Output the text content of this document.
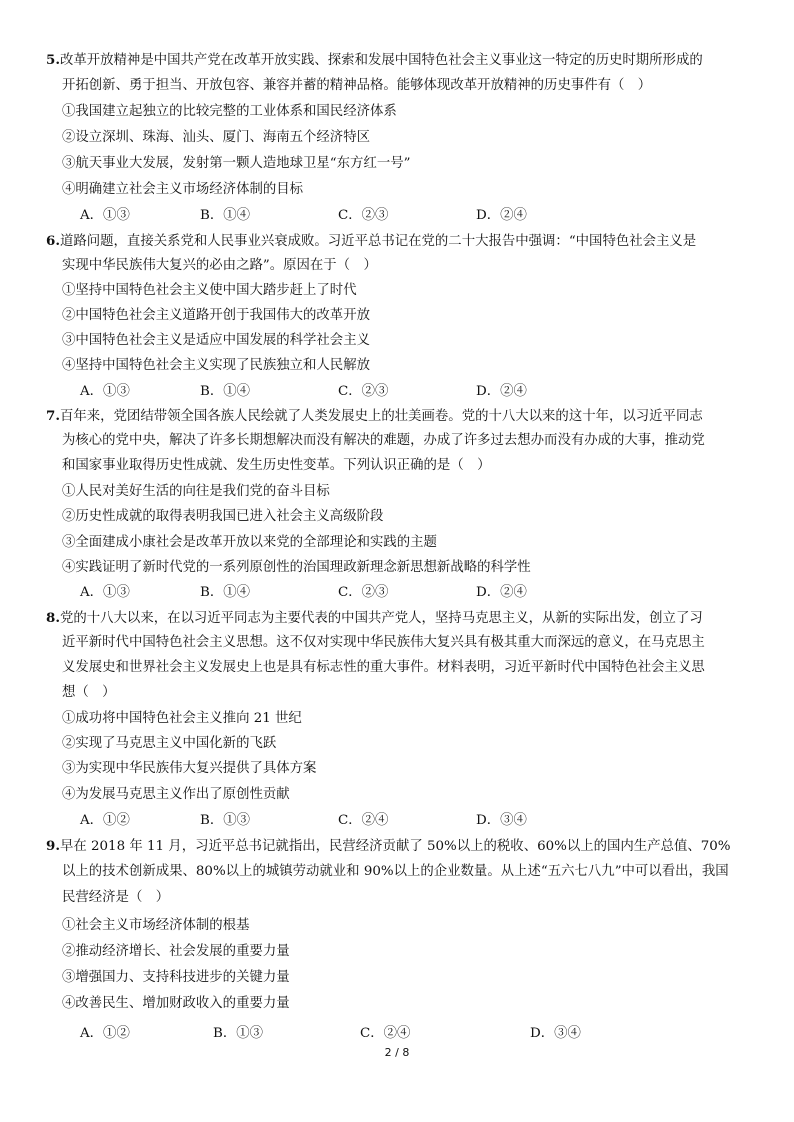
5.改革开放精神是中国共产党在改革开放实践、探索和发展中国特色社会主义事业这一特定的历史时期所形成的
开拓创新、勇于担当、开放包容、兼容并蓄的精神品格。能够体现改革开放精神的历史事件有（　）
①我国建立起独立的比较完整的工业体系和国民经济体系
②设立深圳、珠海、汕头、厦门、海南五个经济特区
③航天事业大发展，发射第一颗人造地球卫星“东方红一号”
④明确建立社会主义市场经济体制的目标
A．①③	B．①④	C．②③	D．②④
6.道路问题，直接关系党和人民事业兴衰成败。习近平总书记在党的二十大报告中强调：“中国特色社会主义是
实现中华民族伟大复兴的必由之路”。原因在于（　）
①坚持中国特色社会主义使中国大踏步赶上了时代
②中国特色社会主义道路开创于我国伟大的改革开放
③中国特色社会主义是适应中国发展的科学社会主义
④坚持中国特色社会主义实现了民族独立和人民解放
A．①③	B．①④	C．②③	D．②④
7.百年来，党团结带领全国各族人民绘就了人类发展史上的壮美画卷。党的十八大以来的这十年，以习近平同志
为核心的党中央，解决了许多长期想解决而没有解决的难题，办成了许多过去想办而没有办成的大事，推动党
和国家事业取得历史性成就、发生历史性变革。下列认识正确的是（　）
①人民对美好生活的向往是我们党的奋斗目标
②历史性成就的取得表明我国已进入社会主义高级阶段
③全面建成小康社会是改革开放以来党的全部理论和实践的主题
④实践证明了新时代党的一系列原创性的治国理政新理念新思想新战略的科学性
A．①③	B．①④	C．②③	D．②④
8.党的十八大以来，在以习近平同志为主要代表的中国共产党人，坚持马克思主义，从新的实际出发，创立了习
近平新时代中国特色社会主义思想。这不仅对实现中华民族伟大复兴具有极其重大而深远的意义，在马克思主
义发展史和世界社会主义发展史上也是具有标志性的重大事件。材料表明，习近平新时代中国特色社会主义思
想（　）
①成功将中国特色社会主义推向 21 世纪
②实现了马克思主义中国化新的飞跃
③为实现中华民族伟大复兴提供了具体方案
④为发展马克思主义作出了原创性贡献
A．①②	B．①③	C．②④	D．③④
9.早在 2018 年 11 月，习近平总书记就指出，民营经济贡献了 50%以上的税收、60%以上的国内生产总值、70%
以上的技术创新成果、80%以上的城镇劳动就业和 90%以上的企业数量。从上述“五六七八九”中可以看出，我国
民营经济是（　）
①社会主义市场经济体制的根基
②推动经济增长、社会发展的重要力量
③增强国力、支持科技进步的关键力量
④改善民生、增加财政收入的重要力量
A．①②	B．①③	C．②④	D．③④
2 / 8
